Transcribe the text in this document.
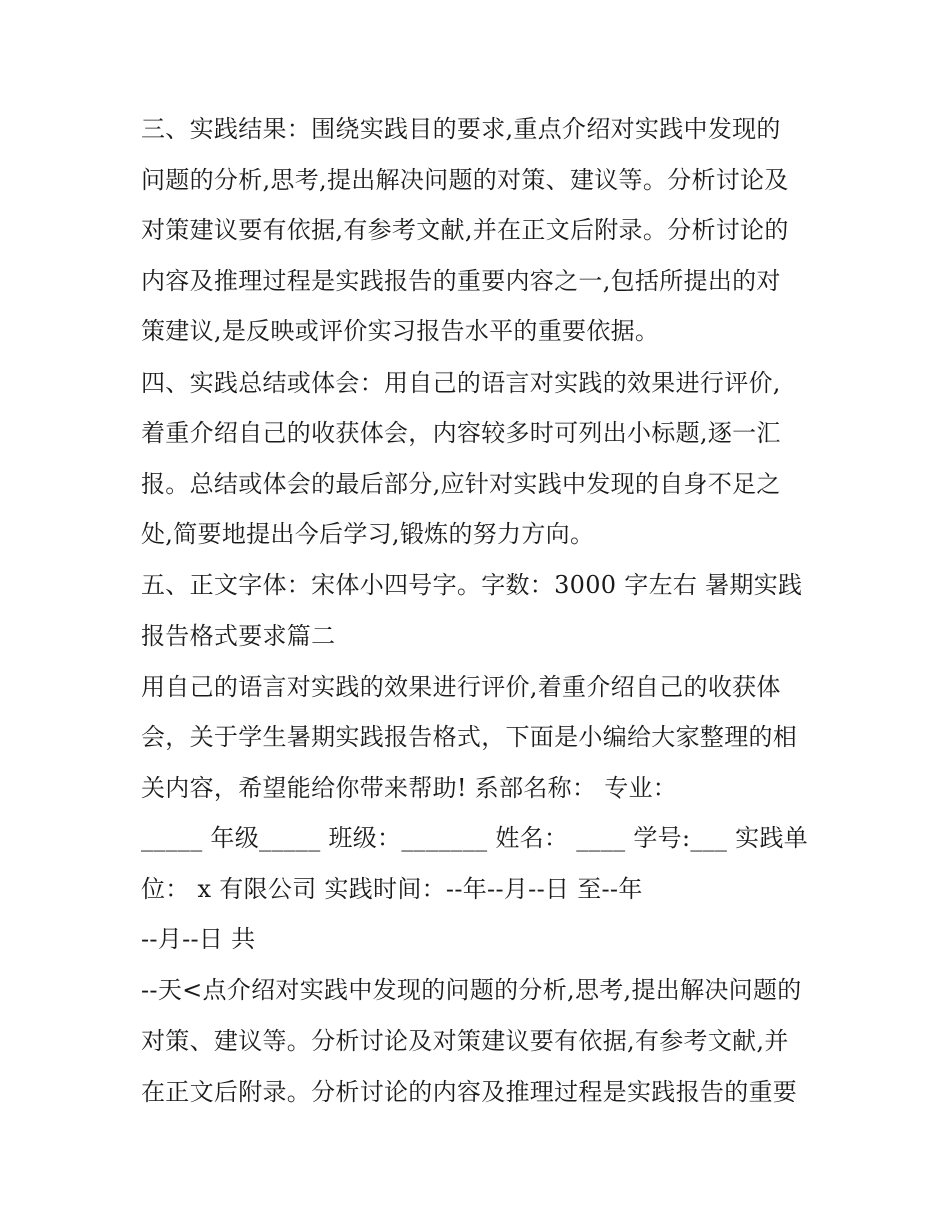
三、实践结果：围绕实践目的要求,重点介绍对实践中发现的
问题的分析,思考,提出解决问题的对策、建议等。分析讨论及
对策建议要有依据,有参考文献,并在正文后附录。分析讨论的
内容及推理过程是实践报告的重要内容之一,包括所提出的对
策建议,是反映或评价实习报告水平的重要依据。
四、实践总结或体会：用自己的语言对实践的效果进行评价,
着重介绍自己的收获体会，内容较多时可列出小标题,逐一汇
报。总结或体会的最后部分,应针对实践中发现的自身不足之
处,简要地提出今后学习,锻炼的努力方向。
五、正文字体：宋体小四号字。字数：3000 字左右 暑期实践
报告格式要求篇二
用自己的语言对实践的效果进行评价,着重介绍自己的收获体
会，关于学生暑期实践报告格式，下面是小编给大家整理的相
关内容，希望能给你带来帮助! 系部名称： 专业：
_____ 年级_____ 班级：_______ 姓名： ____ 学号:___ 实践单
位： x 有限公司 实践时间：--年--月--日 至--年
--月--日 共
--天<点介绍对实践中发现的问题的分析,思考,提出解决问题的
对策、建议等。分析讨论及对策建议要有依据,有参考文献,并
在正文后附录。分析讨论的内容及推理过程是实践报告的重要
